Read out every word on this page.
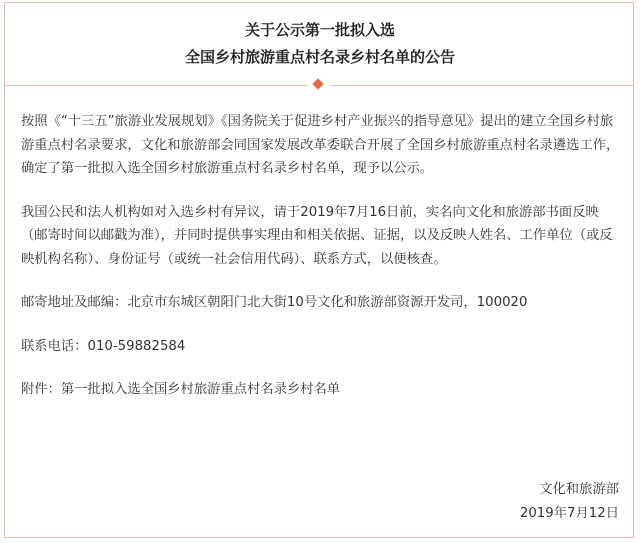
关于公示第一批拟入选
全国乡村旅游重点村名录乡村名单的公告

按照《“十三五”旅游业发展规划》《国务院关于促进乡村产业振兴的指导意见》提出的建立全国乡村旅游重点村名录要求，文化和旅游部会同国家发展改革委联合开展了全国乡村旅游重点村名录遴选工作，确定了第一批拟入选全国乡村旅游重点村名录乡村名单，现予以公示。

我国公民和法人机构如对入选乡村有异议，请于2019年7月16日前，实名向文化和旅游部书面反映（邮寄时间以邮戳为准），并同时提供事实理由和相关依据、证据，以及反映人姓名、工作单位（或反映机构名称）、身份证号（或统一社会信用代码）、联系方式，以便核查。

邮寄地址及邮编：北京市东城区朝阳门北大街10号文化和旅游部资源开发司，100020

联系电话：010-59882584

附件：第一批拟入选全国乡村旅游重点村名录乡村名单

文化和旅游部
2019年7月12日
